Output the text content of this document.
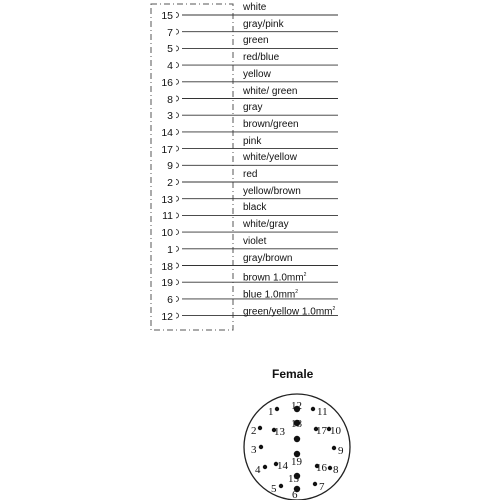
15
7
5
4
16
8
3
14
17
9
2
13
11
10
1
18
19
6
12
white
gray/pink
green
red/blue
yellow
white/ green
gray
brown/green
pink
white/yellow
red
yellow/brown
black
white/gray
violet
gray/brown
brown $1.0mm^2$
blue $1.0mm^2$
green/yellow $1.0mm^2$
Female
1
2
3
4
5 6
7
8
9
10
11
12
13
14
15
16
17
18
19
